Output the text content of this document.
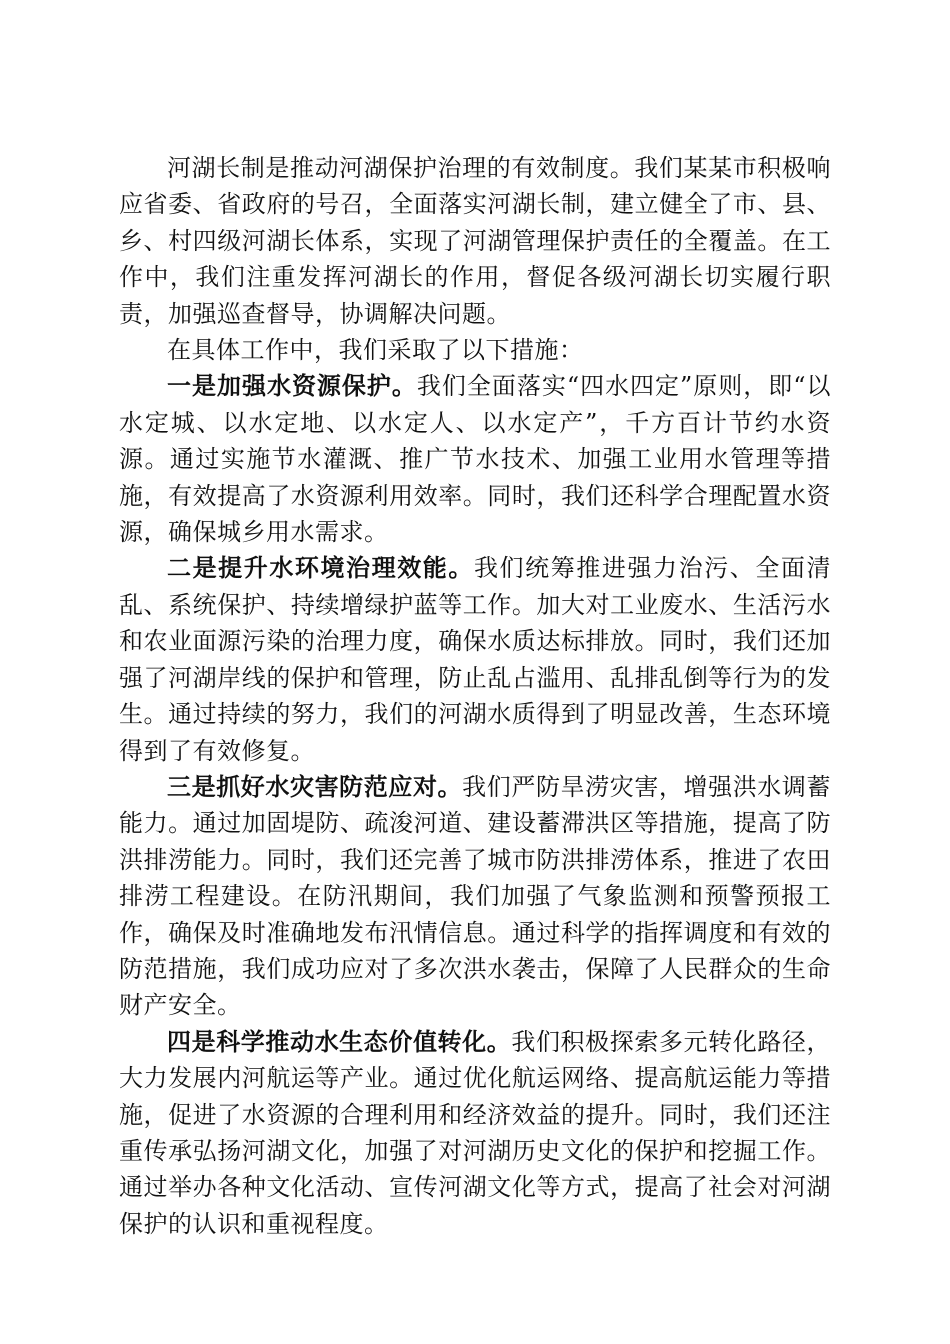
河湖长制是推动河湖保护治理的有效制度。我们某某市积极响应省委、省政府的号召，全面落实河湖长制，建立健全了市、县、乡、村四级河湖长体系，实现了河湖管理保护责任的全覆盖。在工作中，我们注重发挥河湖长的作用，督促各级河湖长切实履行职责，加强巡查督导，协调解决问题。

在具体工作中，我们采取了以下措施：

一是加强水资源保护。我们全面落实“四水四定”原则，即“以水定城、以水定地、以水定人、以水定产”，千方百计节约水资源。通过实施节水灌溉、推广节水技术、加强工业用水管理等措施，有效提高了水资源利用效率。同时，我们还科学合理配置水资源，确保城乡用水需求。

二是提升水环境治理效能。我们统筹推进强力治污、全面清乱、系统保护、持续增绿护蓝等工作。加大对工业废水、生活污水和农业面源污染的治理力度，确保水质达标排放。同时，我们还加强了河湖岸线的保护和管理，防止乱占滥用、乱排乱倒等行为的发生。通过持续的努力，我们的河湖水质得到了明显改善，生态环境得到了有效修复。

三是抓好水灾害防范应对。我们严防旱涝灾害，增强洪水调蓄能力。通过加固堤防、疏浚河道、建设蓄滞洪区等措施，提高了防洪排涝能力。同时，我们还完善了城市防洪排涝体系，推进了农田排涝工程建设。在防汛期间，我们加强了气象监测和预警预报工作，确保及时准确地发布汛情信息。通过科学的指挥调度和有效的防范措施，我们成功应对了多次洪水袭击，保障了人民群众的生命财产安全。

四是科学推动水生态价值转化。我们积极探索多元转化路径，大力发展内河航运等产业。通过优化航运网络、提高航运能力等措施，促进了水资源的合理利用和经济效益的提升。同时，我们还注重传承弘扬河湖文化，加强了对河湖历史文化的保护和挖掘工作。通过举办各种文化活动、宣传河湖文化等方式，提高了社会对河湖保护的认识和重视程度。
